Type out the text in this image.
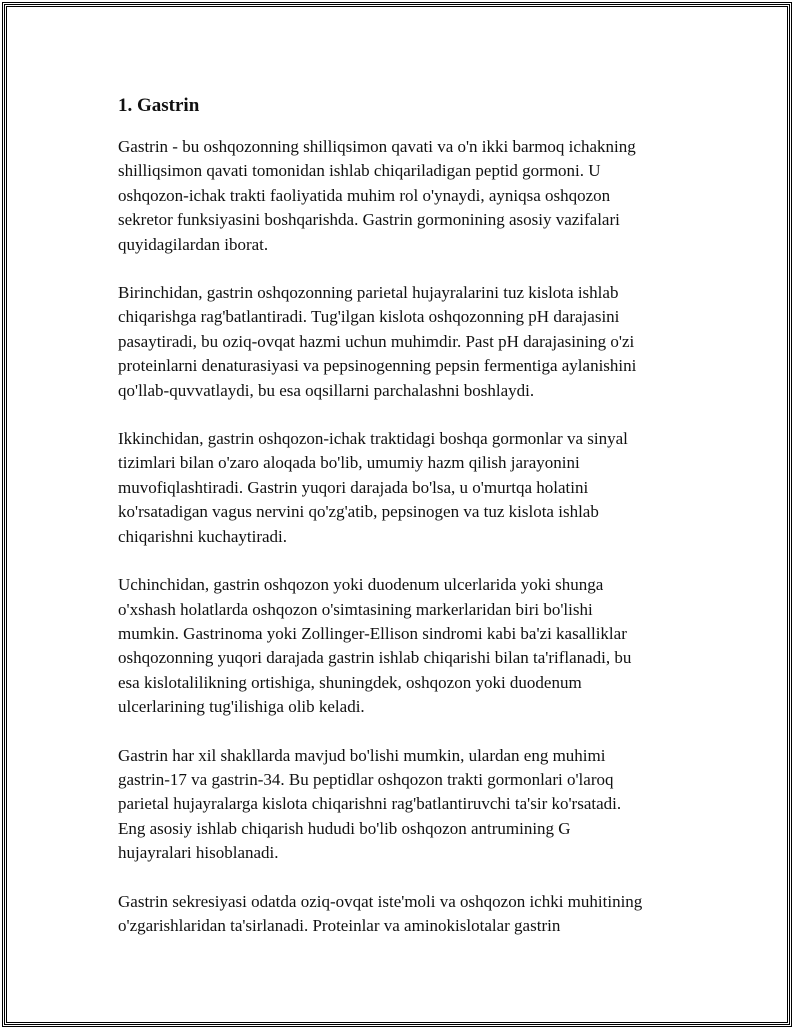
1. Gastrin

Gastrin - bu oshqozonning shilliqsimon qavati va o'n ikki barmoq ichakning
shilliqsimon qavati tomonidan ishlab chiqariladigan peptid gormoni. U
oshqozon-ichak trakti faoliyatida muhim rol o'ynaydi, ayniqsa oshqozon
sekretor funksiyasini boshqarishda. Gastrin gormonining asosiy vazifalari
quyidagilardan iborat.

Birinchidan, gastrin oshqozonning parietal hujayralarini tuz kislota ishlab
chiqarishga rag'batlantiradi. Tug'ilgan kislota oshqozonning pH darajasini
pasaytiradi, bu oziq-ovqat hazmi uchun muhimdir. Past pH darajasining o'zi
proteinlarni denaturasiyasi va pepsinogenning pepsin fermentiga aylanishini
qo'llab-quvvatlaydi, bu esa oqsillarni parchalashni boshlaydi.

Ikkinchidan, gastrin oshqozon-ichak traktidagi boshqa gormonlar va sinyal
tizimlari bilan o'zaro aloqada bo'lib, umumiy hazm qilish jarayonini
muvofiqlashtiradi. Gastrin yuqori darajada bo'lsa, u o'murtqa holatini
ko'rsatadigan vagus nervini qo'zg'atib, pepsinogen va tuz kislota ishlab
chiqarishni kuchaytiradi.

Uchinchidan, gastrin oshqozon yoki duodenum ulcerlarida yoki shunga
o'xshash holatlarda oshqozon o'simtasining markerlaridan biri bo'lishi
mumkin. Gastrinoma yoki Zollinger-Ellison sindromi kabi ba'zi kasalliklar
oshqozonning yuqori darajada gastrin ishlab chiqarishi bilan ta'riflanadi, bu
esa kislotalilikning ortishiga, shuningdek, oshqozon yoki duodenum
ulcerlarining tug'ilishiga olib keladi.

Gastrin har xil shakllarda mavjud bo'lishi mumkin, ulardan eng muhimi
gastrin-17 va gastrin-34. Bu peptidlar oshqozon trakti gormonlari o'laroq
parietal hujayralarga kislota chiqarishni rag'batlantiruvchi ta'sir ko'rsatadi.
Eng asosiy ishlab chiqarish hududi bo'lib oshqozon antrumining G
hujayralari hisoblanadi.

Gastrin sekresiyasi odatda oziq-ovqat iste'moli va oshqozon ichki muhitining
o'zgarishlaridan ta'sirlanadi. Proteinlar va aminokislotalar gastrin
